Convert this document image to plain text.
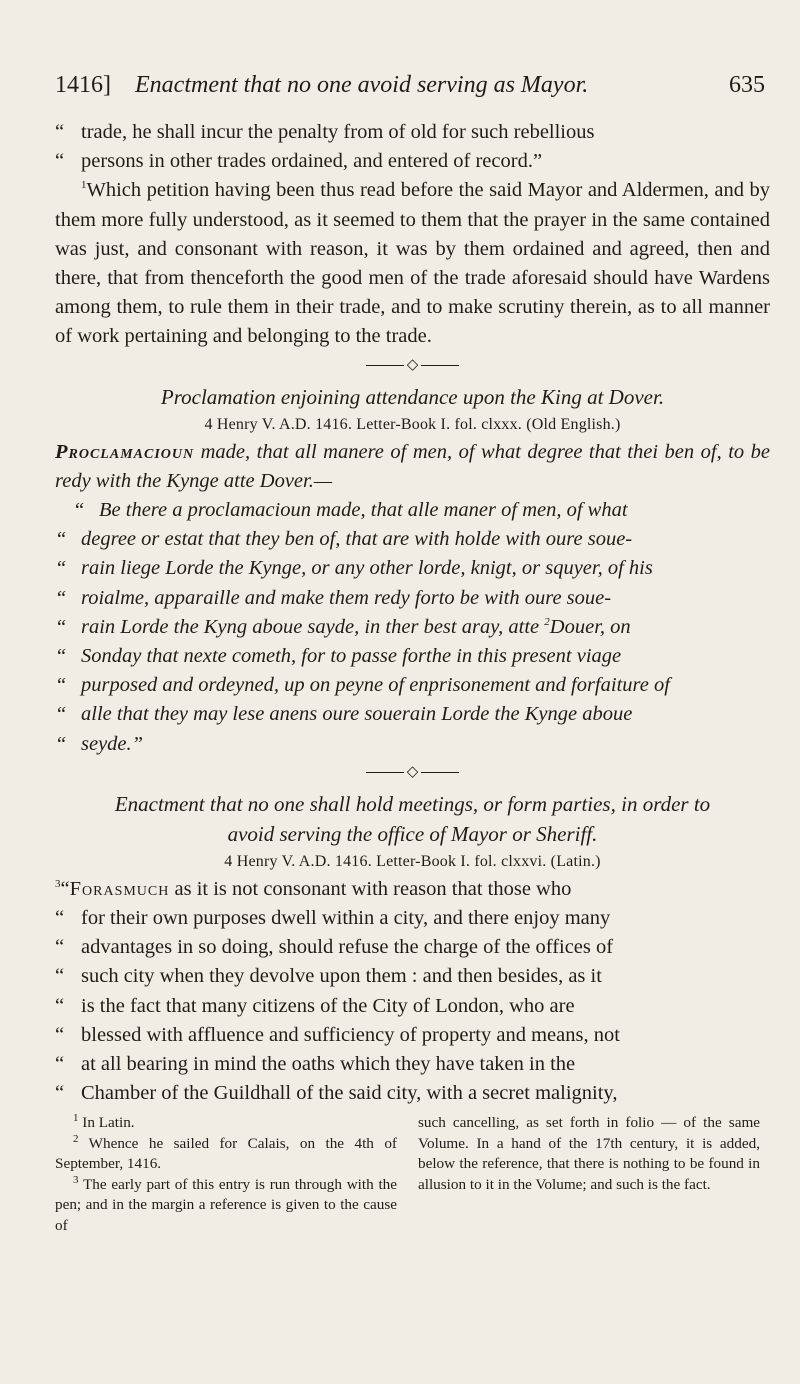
1416] Enactment that no one avoid serving as Mayor.	635

“ trade, he shall incur the penalty from of old for such rebellious

“ persons in other trades ordained, and entered of record.”

$^1$Which petition having been thus read before the said Mayor and Aldermen, and by them more fully understood, as it seemed to them that the prayer in the same contained was just, and consonant with reason, it was by them ordained and agreed, then and there, that from thenceforth the good men of the trade aforesaid should have Wardens among them, to rule them in their trade, and to make scrutiny therein, as to all manner of work pertaining and belonging to the trade.

◇

Proclamation enjoining attendance upon the King at Dover.

4 Henry V. A.D. 1416. Letter-Book I. fol. clxxx. (Old English.)

Proclamacioun made, that all manere of men, of what degree that thei ben of, to be redy with the Kynge atte Dover.—

“ Be there a proclamacioun made, that alle maner of men, of what

“ degree or estat that they ben of, that are with holde with oure soue-

“ rain liege Lorde the Kynge, or any other lorde, knigt, or squyer, of his

“ roialme, apparaille and make them redy forto be with oure soue-

“ rain Lorde the Kyng aboue sayde, in ther best aray, atte $^2$Douer, on

“ Sonday that nexte cometh, for to passe forthe in this present viage

“ purposed and ordeyned, up on peyne of enprisonement and forfaiture of

“ alle that they may lese anens oure souerain Lorde the Kynge aboue

“ seyde.”

◇

Enactment that no one shall hold meetings, or form parties, in order to
avoid serving the office of Mayor or Sheriff.

4 Henry V. A.D. 1416. Letter-Book I. fol. clxxvi. (Latin.)

$^3$“Forasmuch as it is not consonant with reason that those who

“ for their own purposes dwell within a city, and there enjoy many

“ advantages in so doing, should refuse the charge of the offices of

“ such city when they devolve upon them : and then besides, as it

“ is the fact that many citizens of the City of London, who are

“ blessed with affluence and sufficiency of property and means, not

“ at all bearing in mind the oaths which they have taken in the

“ Chamber of the Guildhall of the said city, with a secret malignity,

$^1$ In Latin.

$^2$ Whence he sailed for Calais, on the 4th of September, 1416.

$^3$ The early part of this entry is run through with the pen; and in the margin a reference is given to the cause of

such cancelling, as set forth in folio — of the same Volume. In a hand of the 17th century, it is added, below the reference, that there is nothing to be found in allusion to it in the Volume; and such is the fact.
